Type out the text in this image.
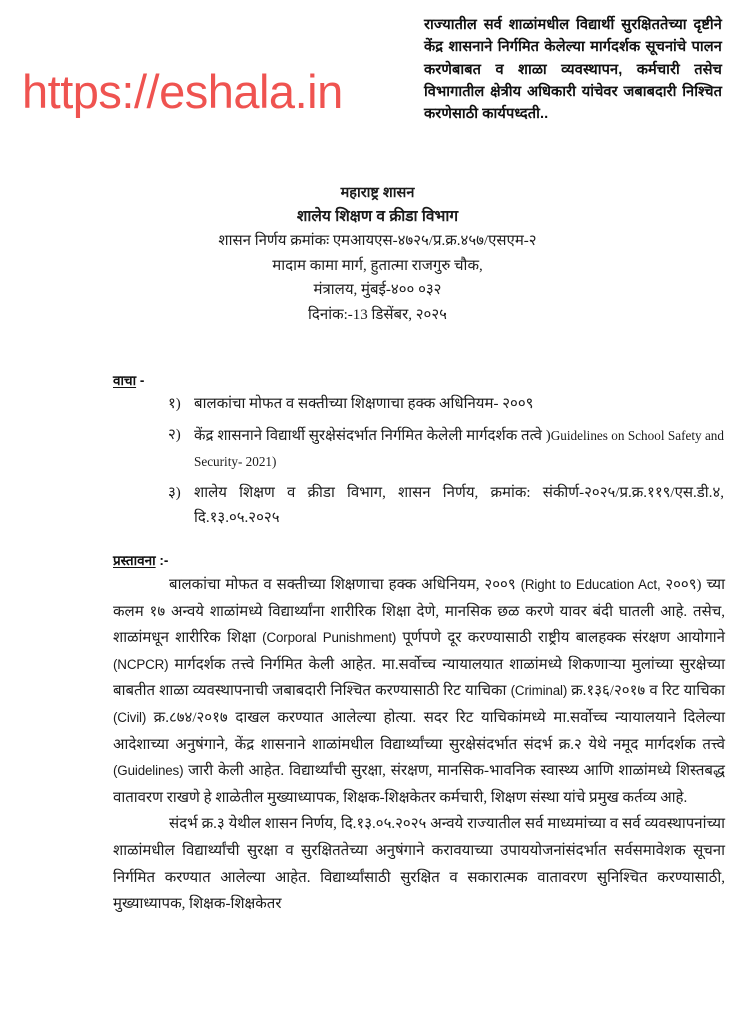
https://eshala.in
राज्यातील सर्व शाळांमधील विद्यार्थी सुरक्षिततेच्या दृष्टीने केंद्र शासनाने निर्गमित केलेल्या मार्गदर्शक सूचनांचे पालन करणेबाबत व शाळा व्यवस्थापन, कर्मचारी तसेच विभागातील क्षेत्रीय अधिकारी यांचेवर जबाबदारी निश्चित करणेसाठी कार्यपध्दती..
महाराष्ट्र शासन
शालेय शिक्षण व क्रीडा विभाग
शासन निर्णय क्रमांकः एमआयएस-४७२५/प्र.क्र.४५७/एसएम-२
मादाम कामा मार्ग, हुतात्मा राजगुरु चौक,
मंत्रालय, मुंबई-४०० ०३२
दिनांक:-13 डिसेंबर, २०२५
वाचा -
१) बालकांचा मोफत व सक्तीच्या शिक्षणाचा हक्क अधिनियम- २००९
२) केंद्र शासनाने विद्यार्थी सुरक्षेसंदर्भात निर्गमित केलेली मार्गदर्शक तत्वे )Guidelines on School Safety and Security- 2021)
३) शालेय शिक्षण व क्रीडा विभाग, शासन निर्णय, क्रमांक: संकीर्ण-२०२५/प्र.क्र.११९/एस.डी.४, दि.१३.०५.२०२५
प्रस्तावना :-

बालकांचा मोफत व सक्तीच्या शिक्षणाचा हक्क अधिनियम, २००९ (Right to Education Act, २००९) च्या कलम १७ अन्वये शाळांमध्ये विद्यार्थ्यांना शारीरिक शिक्षा देणे, मानसिक छळ करणे यावर बंदी घातली आहे. तसेच, शाळांमधून शारीरिक शिक्षा (Corporal Punishment) पूर्णपणे दूर करण्यासाठी राष्ट्रीय बालहक्क संरक्षण आयोगाने (NCPCR) मार्गदर्शक तत्त्वे निर्गमित केली आहेत. मा.सर्वोच्च न्यायालयात शाळांमध्ये शिकणाऱ्या मुलांच्या सुरक्षेच्या बाबतीत शाळा व्यवस्थापनाची जबाबदारी निश्चित करण्यासाठी रिट याचिका (Criminal) क्र.१३६/२०१७ व रिट याचिका (Civil) क्र.८७४/२०१७ दाखल करण्यात आलेल्या होत्या. सदर रिट याचिकांमध्ये मा.सर्वोच्च न्यायालयाने दिलेल्या आदेशाच्या अनुषंगाने, केंद्र शासनाने शाळांमधील विद्यार्थ्यांच्या सुरक्षेसंदर्भात संदर्भ क्र.२ येथे नमूद मार्गदर्शक तत्त्वे (Guidelines) जारी केली आहेत. विद्यार्थ्यांची सुरक्षा, संरक्षण, मानसिक-भावनिक स्वास्थ्य आणि शाळांमध्ये शिस्तबद्ध वातावरण राखणे हे शाळेतील मुख्याध्यापक, शिक्षक-शिक्षकेतर कर्मचारी, शिक्षण संस्था यांचे प्रमुख कर्तव्य आहे.

संदर्भ क्र.३ येथील शासन निर्णय, दि.१३.०५.२०२५ अन्वये राज्यातील सर्व माध्यमांच्या व सर्व व्यवस्थापनांच्या शाळांमधील विद्यार्थ्यांची सुरक्षा व सुरक्षिततेच्या अनुषंगाने करावयाच्या उपाययोजनांसंदर्भात सर्वसमावेशक सूचना निर्गमित करण्यात आलेल्या आहेत. विद्यार्थ्यांसाठी सुरक्षित व सकारात्मक वातावरण सुनिश्चित करण्यासाठी, मुख्याध्यापक, शिक्षक-शिक्षकेतर
